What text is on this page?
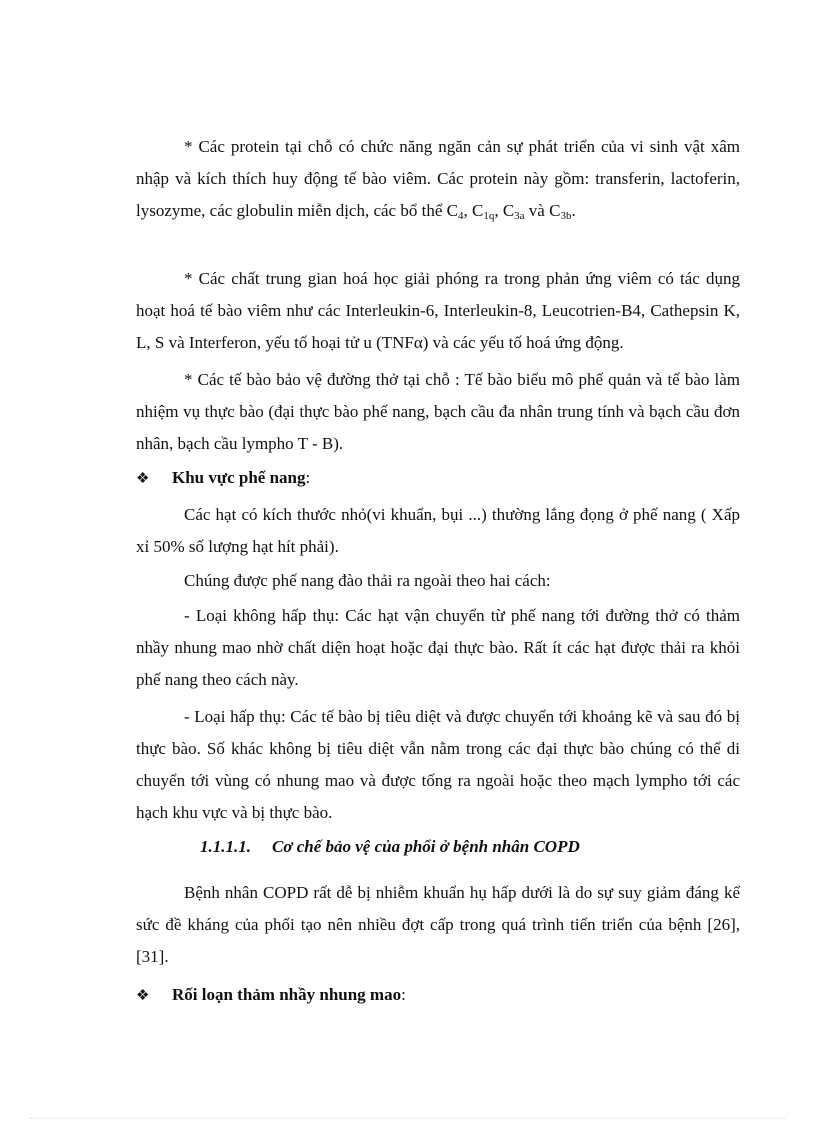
* Các protein tại chỗ có chức năng ngăn cản sự phát triển của vi sinh vật xâm nhập và kích thích huy động tế bào viêm. Các protein này gồm: transferin, lactoferin, lysozyme, các globulin miễn dịch, các bổ thể $C_4$, $C_{1q}$, $C_{3a}$ và $C_{3b}$.

* Các chất trung gian hoá học giải phóng ra trong phản ứng viêm có tác dụng hoạt hoá tế bào viêm như các Interleukin-6, Interleukin-8, Leucotrien-B4, Cathepsin K, L, S và Interferon, yếu tố hoại tử u (TNFα) và các yếu tố hoá ứng động.

* Các tế bào bảo vệ đường thở tại chỗ : Tế bào biểu mô phế quản và tế bào làm nhiệm vụ thực bào (đại thực bào phế nang, bạch cầu đa nhân trung tính và bạch cầu đơn nhân, bạch cầu lympho T - B).

❖ Khu vực phế nang:

Các hạt có kích thước nhỏ(vi khuẩn, bụi ...) thường lắng đọng ở phế nang ( Xấp xỉ 50% số lượng hạt hít phải).

Chúng được phế nang đào thải ra ngoài theo hai cách:

- Loại không hấp thụ: Các hạt vận chuyển từ phế nang tới đường thở có thảm nhầy nhung mao nhờ chất diện hoạt hoặc đại thực bào. Rất ít các hạt được thải ra khỏi phế nang theo cách này.

- Loại hấp thụ: Các tế bào bị tiêu diệt và được chuyển tới khoảng kẽ và sau đó bị thực bào. Số khác không bị tiêu diệt vẫn nằm trong các đại thực bào chúng có thể di chuyển tới vùng có nhung mao và được tống ra ngoài hoặc theo mạch lympho tới các hạch khu vực và bị thực bào.

1.1.1.1. Cơ chế bảo vệ của phổi ở bệnh nhân COPD

Bệnh nhân COPD rất dễ bị nhiễm khuẩn hụ hấp dưới là do sự suy giảm đáng kể sức đề kháng của phổi tạo nên nhiều đợt cấp trong quá trình tiến triển của bệnh [26],[31].

❖ Rối loạn thảm nhầy nhung mao:
